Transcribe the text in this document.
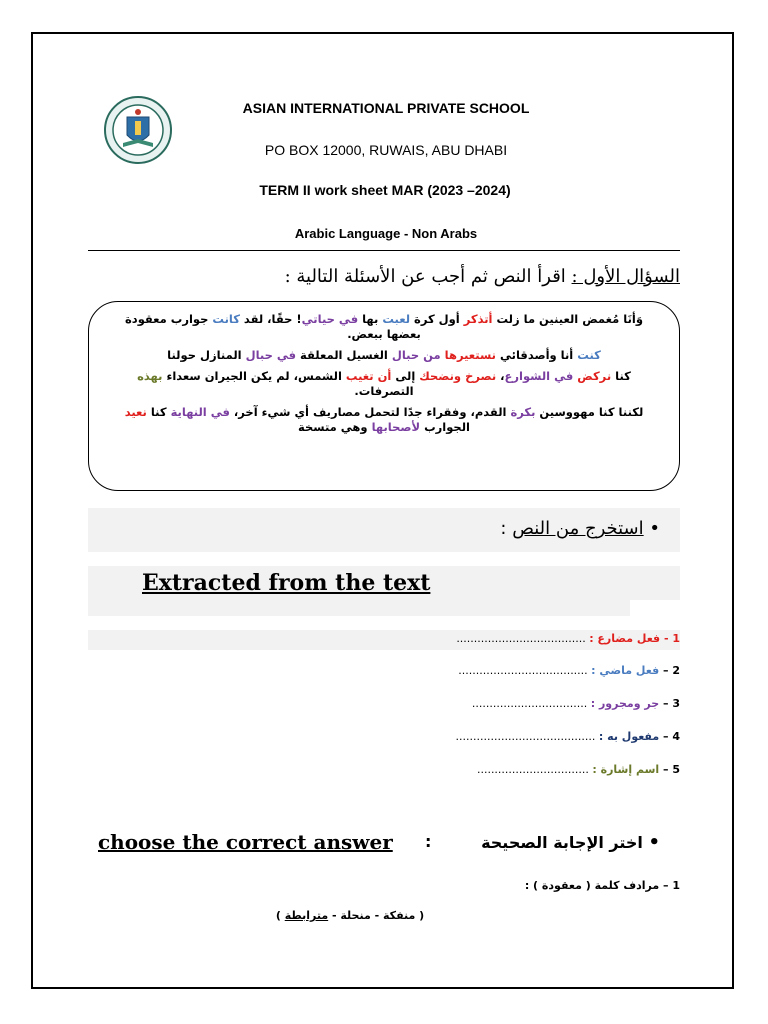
ASIAN INTERNATIONAL PRIVATE SCHOOL
PO BOX 12000, RUWAIS, ABU DHABI
TERM II work sheet MAR (2023 –2024)
Arabic Language - Non Arabs
السؤال الأول : اقرأ النص ثم أجب عن الأسئلة التالية :

وَأنَا مُغمض العينين ما زلت أتذكر أول كرة لعبت بها في حياتي! حقًا، لقد كانت جوارب معقودة بعضها ببعض.

كنت أنا وأصدقائي نستعيرها من حبال الغسيل المعلقة في حبال المنازل حولنا

كنا نركض في الشوارع، نصرخ ونضحك إلى أن تغيب الشمس، لم يكن الجيران سعداء بهذه التصرفات.

لكننا كنا مهووسين بكرة القدم، وفقراء جدًا لتحمل مصاريف أي شيء آخر، في النهاية كنا نعيد الجوارب لأصحابها وهي متسخة

• استخرج من النص :
Extracted from the text
1 - فعل مضارع : .....................................
2 – فعل ماضي : .....................................
3 – جر ومجرور : .................................
4 – مفعول به : ........................................
5 – اسم إشارة : ................................
• اختر الإجابة الصحيحة
:
choose the correct answer
1 – مرادف كلمة ( معقودة ) :
( منفكة - منحلة - مترابطة )
